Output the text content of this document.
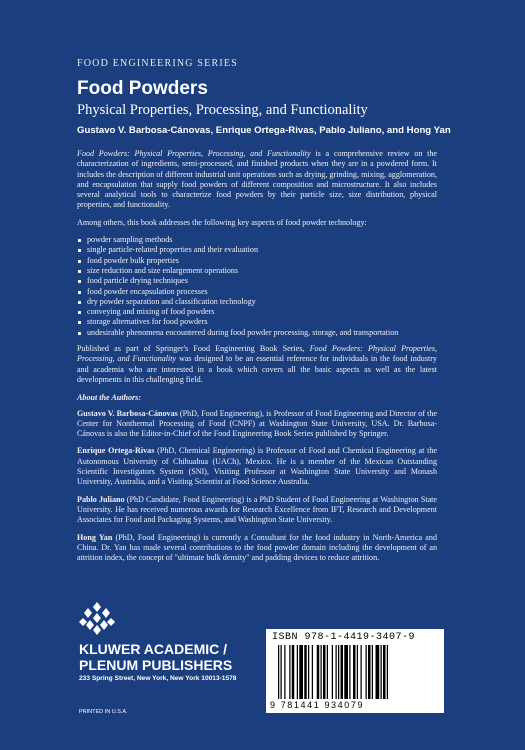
FOOD ENGINEERING SERIES
Food Powders
Physical Properties, Processing, and Functionality
Gustavo V. Barbosa-Cánovas, Enrique Ortega-Rivas, Pablo Juliano, and Hong Yan

Food Powders: Physical Properties, Processing, and Functionality is a comprehensive review on the characterization of ingredients, semi-processed, and finished products when they are in a powdered form. It includes the description of different industrial unit operations such as drying, grinding, mixing, agglomeration, and encapsulation that supply food powders of different composition and microstructure. It also includes several analytical tools to characterize food powders by their particle size, size distribution, physical properties, and functionality.

Among others, this book addresses the following key aspects of food powder technology:

powder sampling methods
single particle-related properties and their evaluation
food powder bulk properties
size reduction and size enlargement operations
food particle drying techniques
food powder encapsulation processes
dry powder separation and classification technology
conveying and mixing of food powders
storage alternatives for food powders
undesirable phenomena encountered during food powder processing, storage, and transportation

Published as part of Springer's Food Engineering Book Series, Food Powders: Physical Properties, Processing, and Functionality was designed to be an essential reference for individuals in the food industry and academia who are interested in a book which covers all the basic aspects as well as the latest developments in this challenging field.

About the Authors:

Gustavo V. Barbosa-Cánovas (PhD, Food Engineering), is Professor of Food Engineering and Director of the Center for Nonthermal Processing of Food (CNPF) at Washington State University, USA. Dr. Barbosa-Cánovas is also the Editor-in-Chief of the Food Engineering Book Series published by Springer.

Enrique Ortega-Rivas (PhD, Chemical Engineering) is Professor of Food and Chemical Engineering at the Autonomous University of Chihuahua (UACh), Mexico. He is a member of the Mexican Outstanding Scientific Investigators System (SNI), Visiting Professor at Washington State University and Monash University, Australia, and a Visiting Scientist at Food Science Australia.

Pablo Juliano (PhD Candidate, Food Engineering) is a PhD Student of Food Engineering at Washington State University. He has received numerous awards for Research Excellence from IFT, Research and Development Associates for Food and Packaging Systems, and Washington State University.

Hong Yan (PhD, Food Engineering) is currently a Consultant for the food industry in North-America and China. Dr. Yan has made several contributions to the food powder domain including the development of an attrition index, the concept of "ultimate bulk density" and padding devices to reduce attrition.

KLUWER ACADEMIC /
PLENUM PUBLISHERS
233 Spring Street, New York, New York 10013-1578
PRINTED IN U.S.A.
ISBN 978-1-4419-3407-9
9 781441 934079
